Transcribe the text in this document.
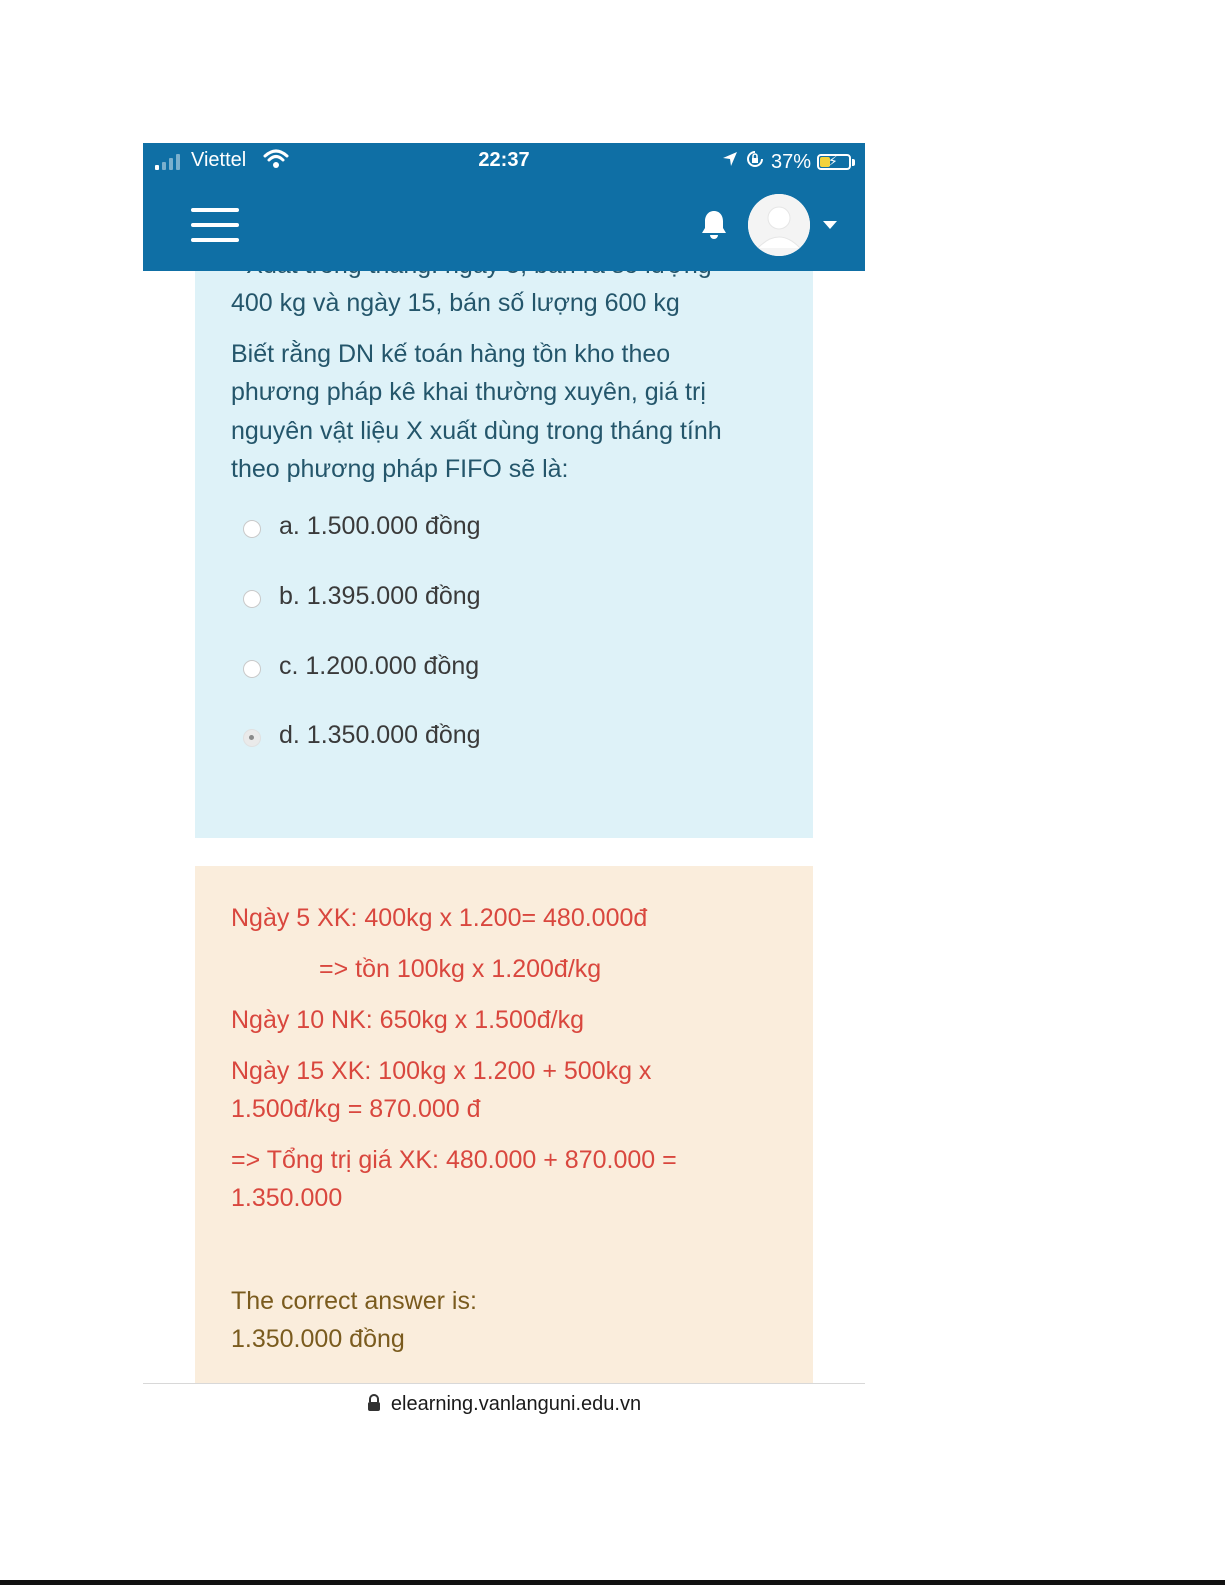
Viettel	22:37	37% ⚡
400 kg và ngày 15, bán số lượng 600 kg
Biết rằng DN kế toán hàng tồn kho theo
phương pháp kê khai thường xuyên, giá trị
nguyên vật liệu X xuất dùng trong tháng tính
theo phương pháp FIFO sẽ là:
a. 1.500.000 đồng
b. 1.395.000 đồng
c. 1.200.000 đồng
d. 1.350.000 đồng
Ngày 5 XK: 400kg x 1.200= 480.000đ
=> tồn 100kg x 1.200đ/kg
Ngày 10 NK: 650kg x 1.500đ/kg
Ngày 15 XK: 100kg x 1.200 + 500kg x
1.500đ/kg = 870.000 đ
=> Tổng trị giá XK: 480.000 + 870.000 =
1.350.000
The correct answer is:
1.350.000 đồng
elearning.vanlanguni.edu.vn
